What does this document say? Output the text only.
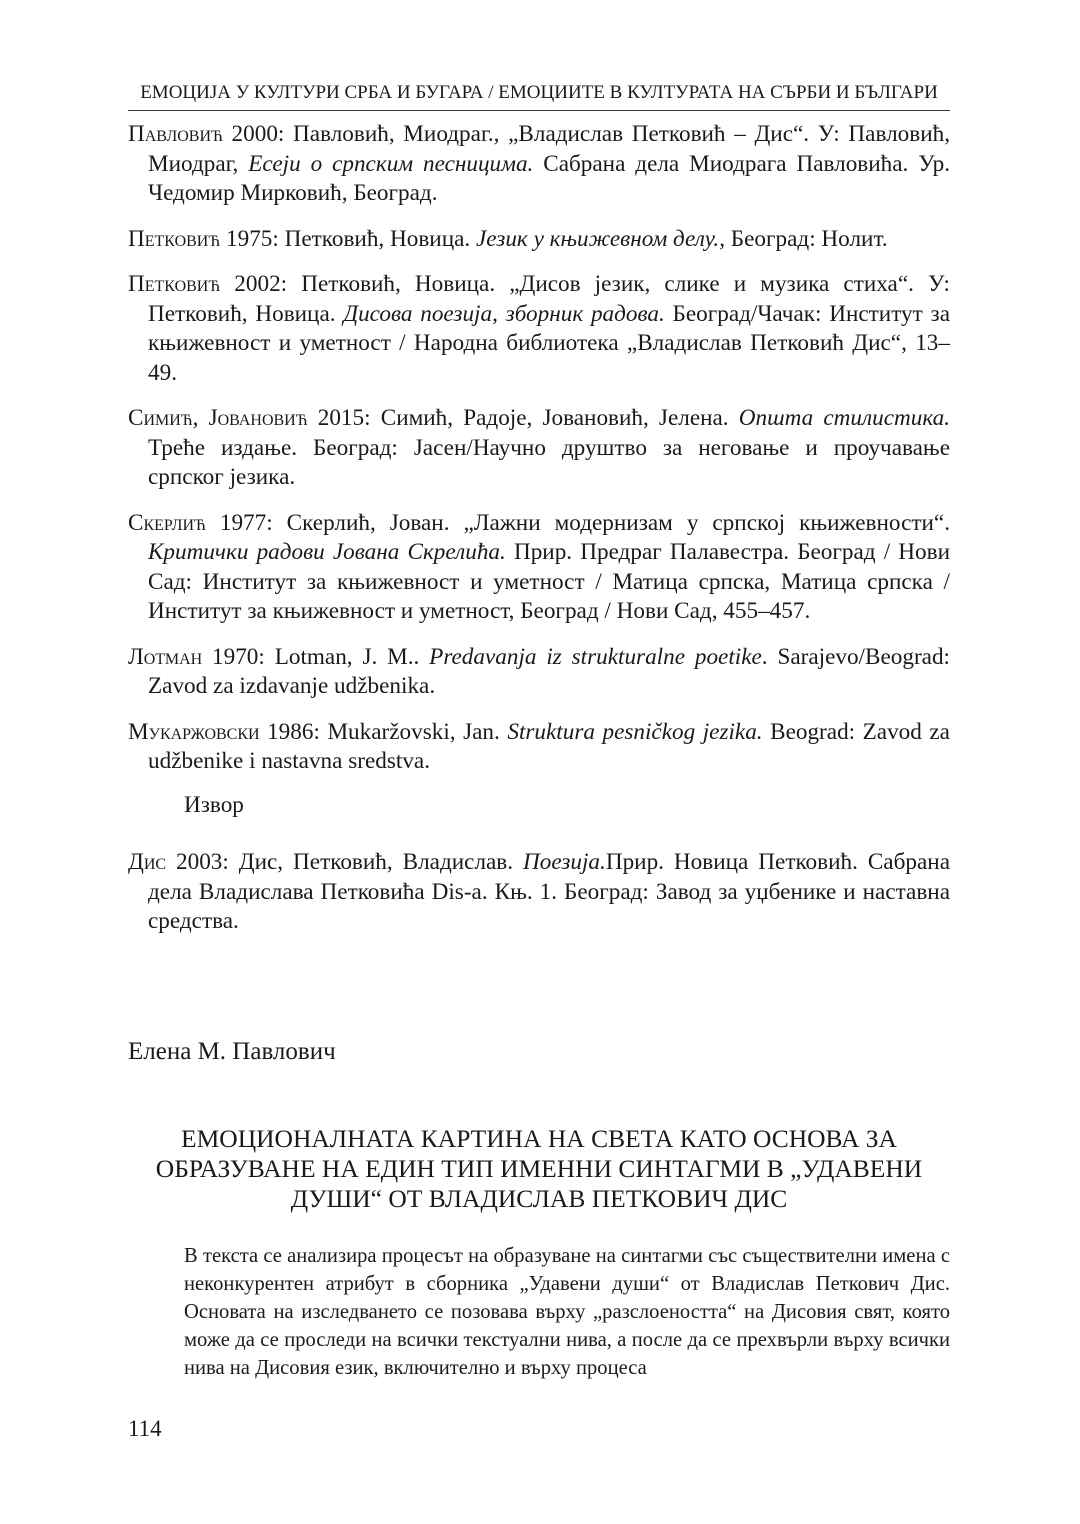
ЕМОЦИЈА У КУЛТУРИ СРБА И БУГАРА / ЕМОЦИИТЕ В КУЛТУРАТА НА СЪРБИ И БЪЛГАРИ

Павловић 2000: Павловић, Миодраг., „Владислав Петковић – Дис“. У: Павловић, Миодраг, Есеји о српским песницима. Сабрана дела Миодрага Павловића. Ур. Чедомир Мирковић, Београд.

Петковић 1975: Петковић, Новица. Језик у књижевном делу., Београд: Нолит.

Петковић 2002: Петковић, Новица. „Дисов језик, слике и музика стиха“. У: Петковић, Новица. Дисова поезија, зборник радова. Београд/Чачак: Институт за књижевност и уметност / Народна библиотека „Владислав Петковић Дис“, 13–49.

Симић, Јовановић 2015: Симић, Радоје, Јовановић, Јелена. Општа стилистика. Треће издање. Београд: Јасен/Научно друштво за неговање и проучавање српског језика.

Скерлић 1977: Скерлић, Јован. „Лажни модернизам у српској књижевности“. Критички радови Јована Скрелића. Прир. Предраг Палавестра. Београд / Нови Сад: Институт за књижевност и уметност / Матица српска, Матица српска / Институт за књижевност и уметност, Београд / Нови Сад, 455–457.

Лотман 1970: Lotman, J. M.. Predavanja iz strukturalne poetike. Sarajevo/Beograd: Zavod za izdavanje udžbenika.

Мукаржовски 1986: Mukaržovski, Jan. Struktura pesničkog jezika. Beograd: Zavod za udžbenike i nastavna sredstva.

Извор

Дис 2003: Дис, Петковић, Владислав. Поезија.Прир. Новица Петковић. Сабрана дела Владислава Петковића Dis-a. Књ. 1. Београд: Завод за уџбенике и наставна средства.

Елена М. Павлович
ЕМОЦИОНАЛНАТА КАРТИНА НА СВЕТА КАТО ОСНОВА ЗА ОБРАЗУВАНЕ НА ЕДИН ТИП ИМЕННИ СИНТАГМИ В „УДАВЕНИ ДУШИ“ ОТ ВЛАДИСЛАВ ПЕТКОВИЧ ДИС
В текста се анализира процесът на образуване на синтагми със съществителни имена с неконкурентен атрибут в сборника „Удавени души“ от Владислав Петкович Дис. Основата на изследването се позовава върху „разслоеността“ на Дисовия свят, която може да се проследи на всички текстуални нива, а после да се прехвърли върху всички нива на Дисовия език, включително и върху процеса
114
